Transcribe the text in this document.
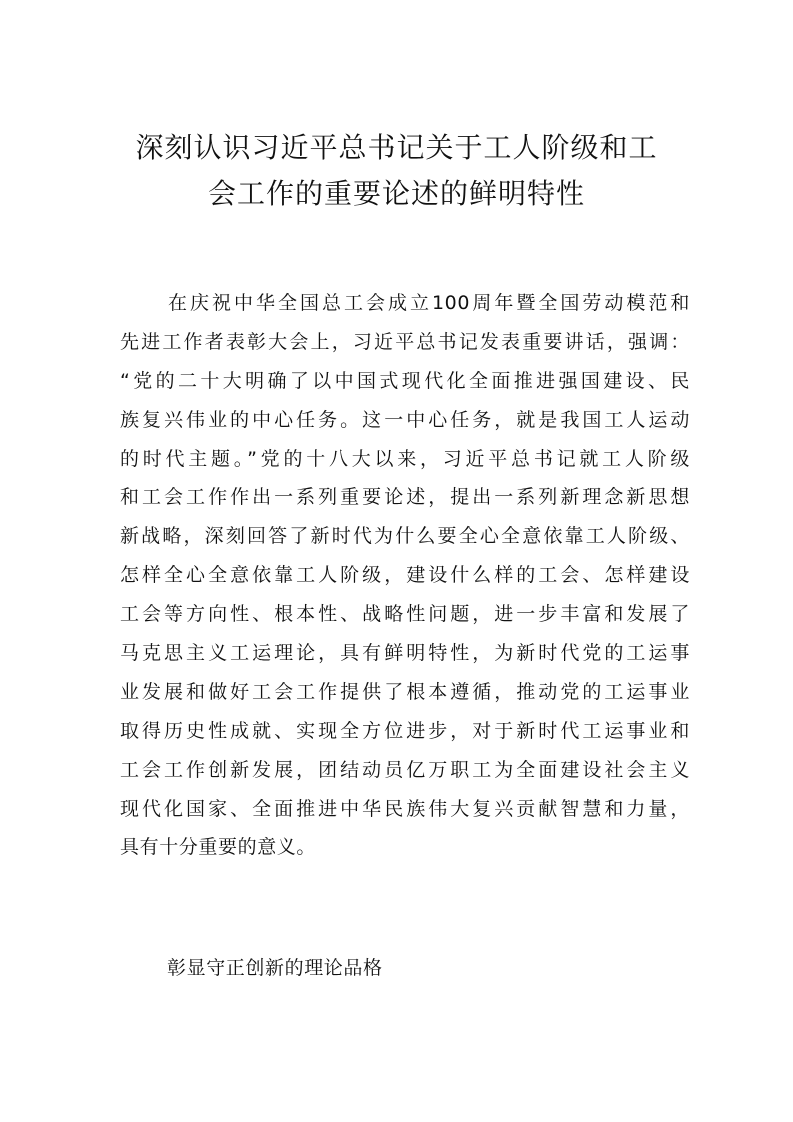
深刻认识习近平总书记关于工人阶级和工
会工作的重要论述的鲜明特性
在庆祝中华全国总工会成立100周年暨全国劳动模范和
先进工作者表彰大会上，习近平总书记发表重要讲话，强调：
“党的二十大明确了以中国式现代化全面推进强国建设、民
族复兴伟业的中心任务。这一中心任务，就是我国工人运动
的时代主题。”党的十八大以来，习近平总书记就工人阶级
和工会工作作出一系列重要论述，提出一系列新理念新思想
新战略，深刻回答了新时代为什么要全心全意依靠工人阶级、
怎样全心全意依靠工人阶级，建设什么样的工会、怎样建设
工会等方向性、根本性、战略性问题，进一步丰富和发展了
马克思主义工运理论，具有鲜明特性，为新时代党的工运事
业发展和做好工会工作提供了根本遵循，推动党的工运事业
取得历史性成就、实现全方位进步，对于新时代工运事业和
工会工作创新发展，团结动员亿万职工为全面建设社会主义
现代化国家、全面推进中华民族伟大复兴贡献智慧和力量，
具有十分重要的意义。
彰显守正创新的理论品格
